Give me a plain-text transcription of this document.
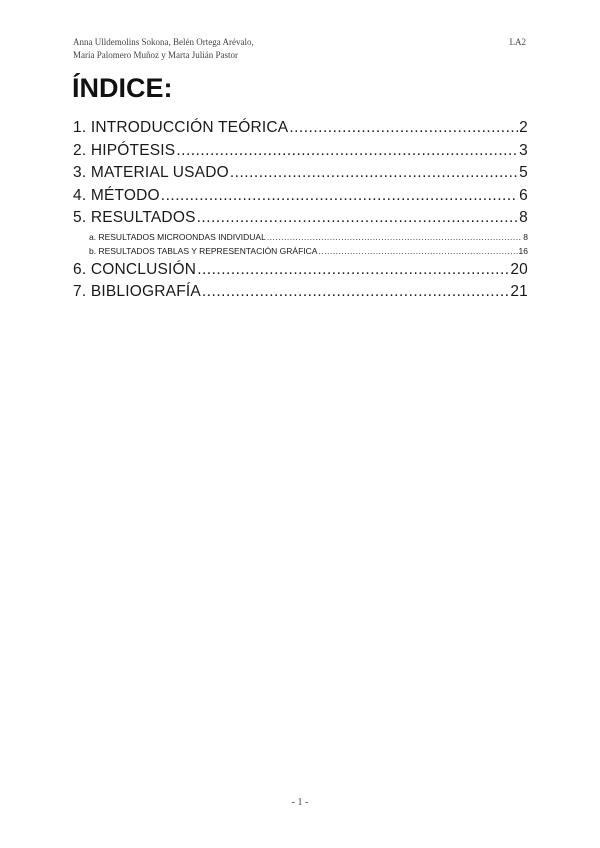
Anna Ulldemolins Sokona, Belén Ortega Arévalo,
María Palomero Muñoz y Marta Julián Pastor
LA2
ÍNDICE:
1. INTRODUCCIÓN TEÓRICA .....	2
2. HIPÓTESIS .....	3
3. MATERIAL USADO .....	5
4. MÉTODO .....	6
5. RESULTADOS .....	8
a. RESULTADOS MICROONDAS INDIVIDUAL .....	8
b. RESULTADOS TABLAS Y REPRESENTACIÓN GRÁFICA .....	16
6. CONCLUSIÓN .....	20
7. BIBLIOGRAFÍA .....	21
- 1 -
